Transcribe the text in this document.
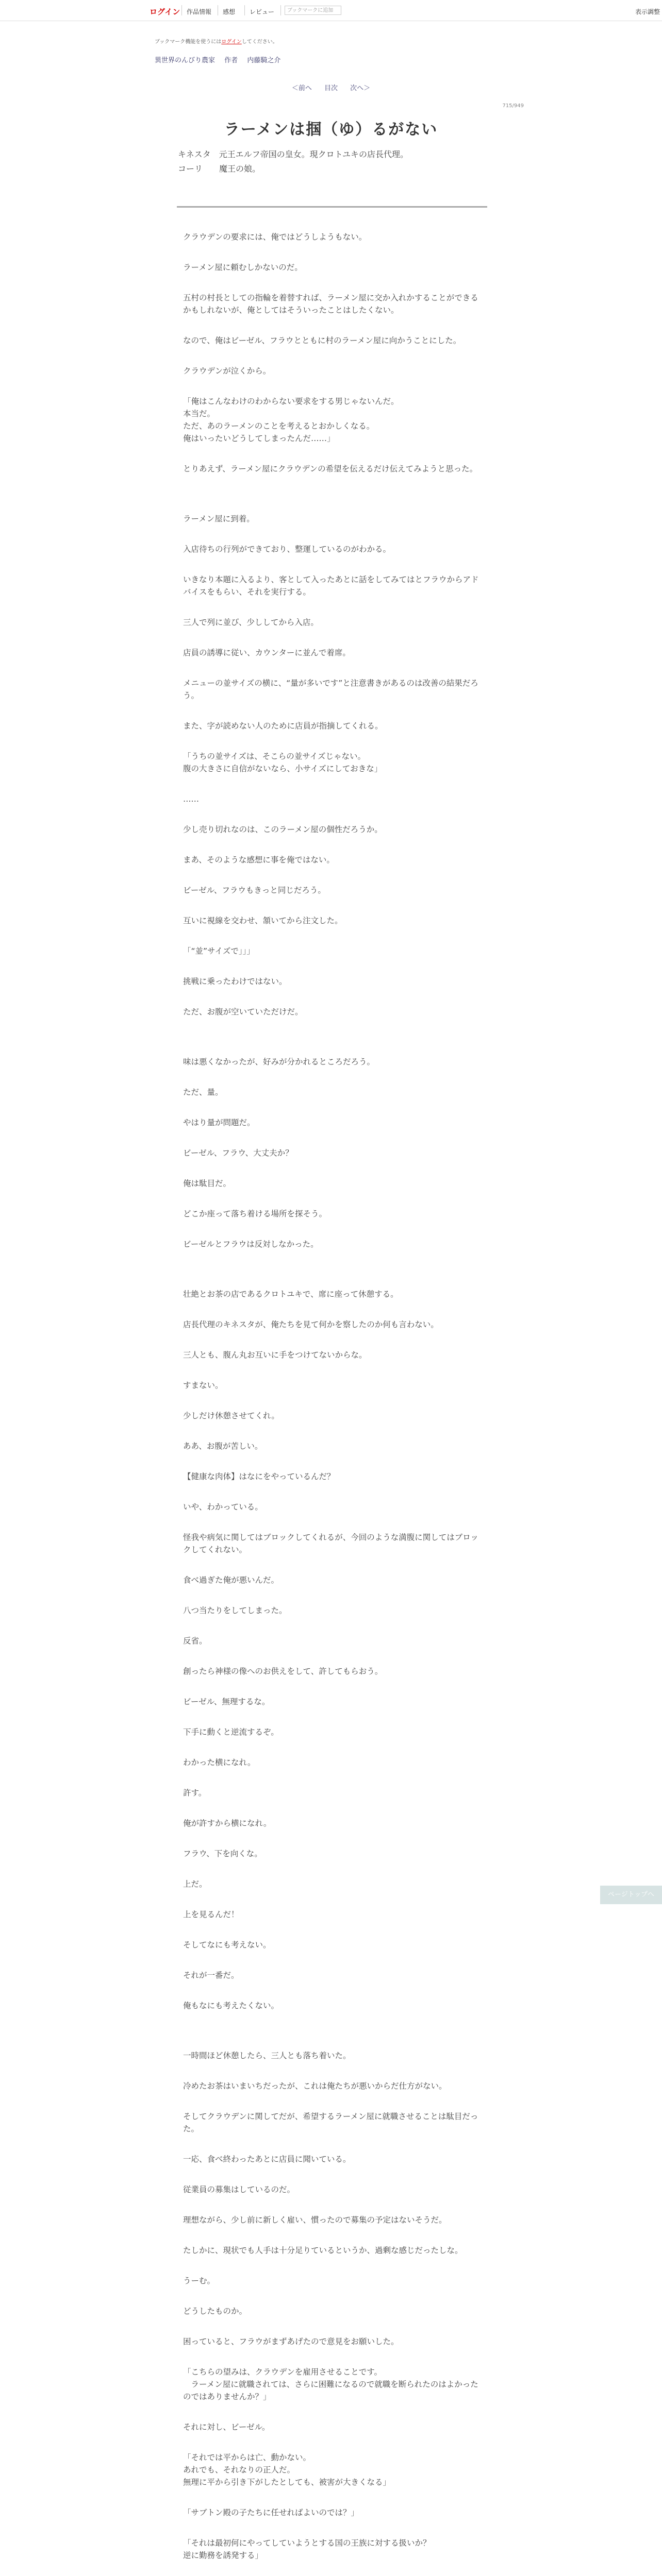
ログイン 作品情報 感想 レビュー	ブックマークに追加	表示調整
ブックマーク機能を使うにはログインしてください。
異世界のんびり農家 作者 内藤騎之介
＜前へ 目次 次へ＞
715/949
ラーメンは掴（ゆ）るがない
キネスタ　元王エルフ帝国の皇女。現クロトユキの店長代理。
コーリ　　魔王の娘。

クラウデンの要求には、俺ではどうしようもない。

ラーメン屋に頼むしかないのだ。

五村の村長としての指輪を着替すれば、ラーメン屋に交か入れかすることができるかもしれないが、俺としてはそういったことはしたくない。

なので、俺はビーゼル、フラウとともに村のラーメン屋に向かうことにした。

クラウデンが泣くから。

「俺はこんなわけのわからない要求をする男じゃないんだ。
本当だ。
ただ、あのラーメンのことを考えるとおかしくなる。
俺はいったいどうしてしまったんだ……」

とりあえず、ラーメン屋にクラウデンの希望を伝えるだけ伝えてみようと思った。

ラーメン屋に到着。

入店待ちの行列ができており、整運しているのがわかる。

いきなり本題に入るより、客として入ったあとに話をしてみてはとフラウからアドバイスをもらい、それを実行する。

三人で列に並び、少ししてから入店。

店員の誘導に従い、カウンターに並んで着席。

メニューの並サイズの横に、“量が多いです”と注意書きがあるのは改善の結果だろう。

また、字が読めない人のために店員が指摘してくれる。

「うちの並サイズは、そこらの並サイズじゃない。
腹の大きさに自信がないなら、小サイズにしておきな」

……

少し売り切れなのは、このラーメン屋の個性だろうか。

まあ、そのような感想に事を俺ではない。

ビーゼル、フラウもきっと同じだろう。

互いに視線を交わせ、頷いてから注文した。

「“並”サイズで」」」

挑戦に乗ったわけではない。

ただ、お腹が空いていただけだ。

味は悪くなかったが、好みが分かれるところだろう。

ただ、量。

やはり量が問題だ。

ビーゼル、フラウ、大丈夫か？

俺は駄目だ。

どこか座って落ち着ける場所を探そう。

ビーゼルとフラウは反対しなかった。

壮絶とお茶の店であるクロトユキで、席に座って休憩する。

店長代理のキネスタが、俺たちを見て何かを察したのか何も言わない。

三人とも、腹ん丸お互いに手をつけてないからな。

すまない。

少しだけ休憩させてくれ。

ああ、お腹が苦しい。

【健康な肉体】はなにをやっているんだ？

いや、わかっている。

怪我や病気に関してはブロックしてくれるが、今回のような満腹に関してはブロックしてくれない。

食べ過ぎた俺が悪いんだ。

八つ当たりをしてしまった。

反省。

創ったら神様の像へのお供えをして、許してもらおう。

ビーゼル、無理するな。

下手に動くと逆流するぞ。

わかった横になれ。

許す。

俺が許すから横になれ。

フラウ、下を向くな。

上だ。

上を見るんだ！

そしてなにも考えない。

それが一番だ。

俺もなにも考えたくない。

一時間ほど休憩したら、三人とも落ち着いた。

冷めたお茶はいまいちだったが、これは俺たちが悪いからだ仕方がない。

そしてクラウデンに関してだが、希望するラーメン屋に就職させることは駄目だった。

一応、食べ終わったあとに店員に聞いている。

従業員の募集はしているのだ。

理想ながら、少し前に新しく雇い、慣ったので募集の予定はないそうだ。

たしかに、現状でも人手は十分足りているというか、過剰な感じだったしな。

うーむ。

どうしたものか。

困っていると、フラウがまずあげたので意見をお願いした。

「こちらの望みは、クラウデンを雇用させることです。
　ラーメン屋に就職されては、さらに困難になるので就職を断られたのはよかったのではありませんか？」

それに対し、ビーゼル。

「それでは平からは亡、動かない。
あれでも、それなりの正人だ。
無理に平から引き下がしたとしても、被害が大きくなる」

「サブトン殿の子たちに任せればよいのでは？」

「それは最初何にやってしていようとする国の王族に対する扱いか？
逆に勤務を誘発する」

ページトップへ
